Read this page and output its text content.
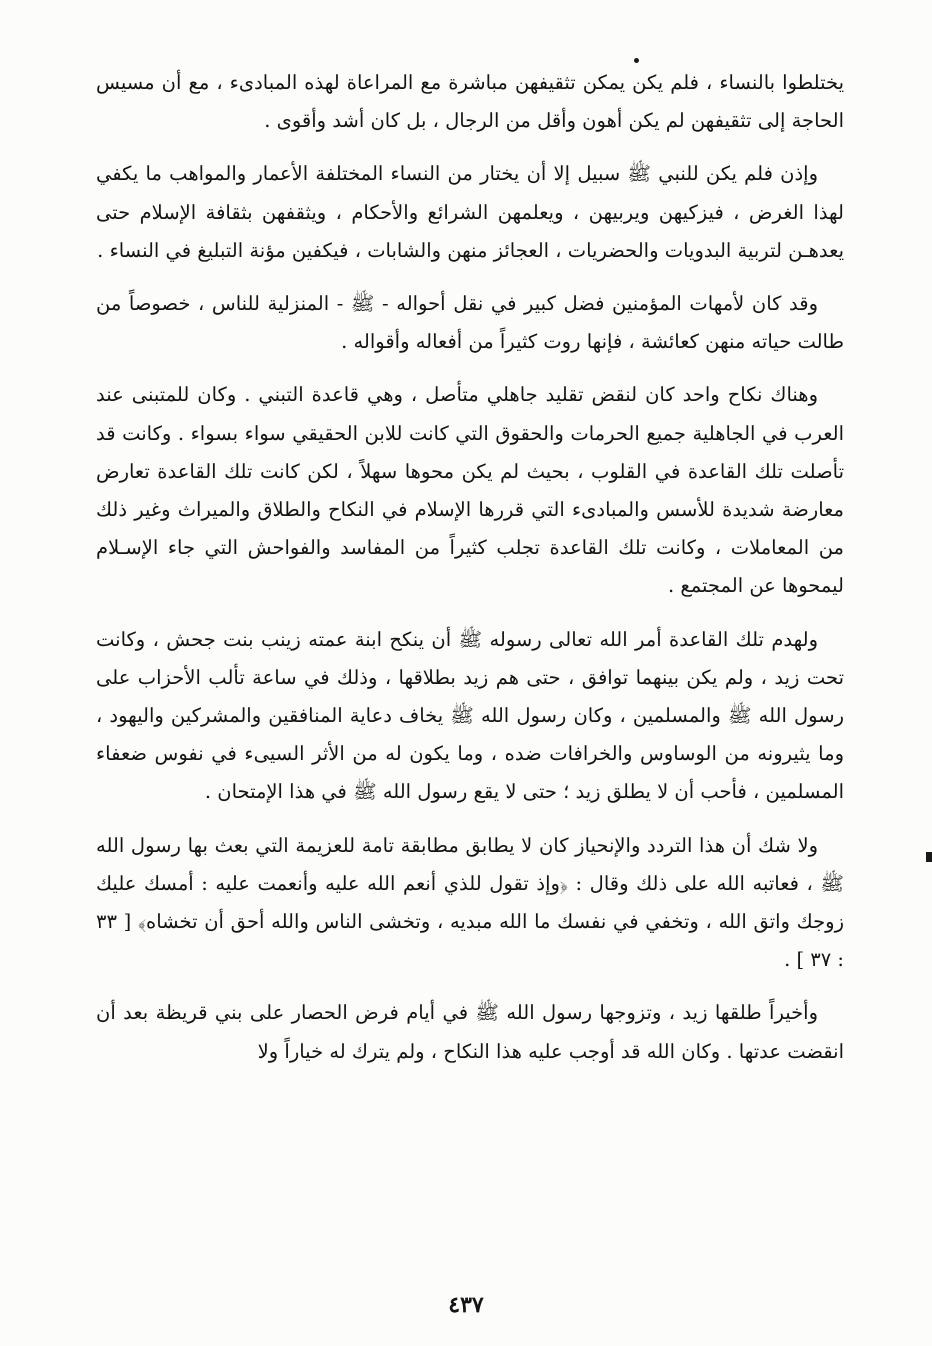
يختلطوا بالنساء ، فلم يكن يمكن تثقيفهن مباشرة مع المراعاة لهذه المبادىء ، مع أن مسيس الحاجة إلى تثقيفهن لم يكن أهون وأقل من الرجال ، بل كان أشد وأقوى .

وإذن فلم يكن للنبي ﷺ سبيل إلا أن يختار من النساء المختلفة الأعمار والمواهب ما يكفي لهذا الغرض ، فيزكيهن ويربيهن ، ويعلمهن الشرائع والأحكام ، ويثقفهن بثقافة الإسلام حتى يعدهـن لتربية البدويات والحضريات ، العجائز منهن والشابات ، فيكفين مؤنة التبليغ في النساء .

وقد كان لأمهات المؤمنين فضل كبير في نقل أحواله - ﷺ - المنزلية للناس ، خصوصاً من طالت حياته منهن كعائشة ، فإنها روت كثيراً من أفعاله وأقواله .

وهناك نكاح واحد كان لنقض تقليد جاهلي متأصل ، وهي قاعدة التبني . وكان للمتبنى عند العرب في الجاهلية جميع الحرمات والحقوق التي كانت للابن الحقيقي سواء بسواء . وكانت قد تأصلت تلك القاعدة في القلوب ، بحيث لم يكن محوها سهلاً ، لكن كانت تلك القاعدة تعارض معارضة شديدة للأسس والمبادىء التي قررها الإسلام في النكاح والطلاق والميراث وغير ذلك من المعاملات ، وكانت تلك القاعدة تجلب كثيراً من المفاسد والفواحش التي جاء الإسـلام ليمحوها عن المجتمع .

ولهدم تلك القاعدة أمر الله تعالى رسوله ﷺ أن ينكح ابنة عمته زينب بنت جحش ، وكانت تحت زيد ، ولم يكن بينهما توافق ، حتى هم زيد بطلاقها ، وذلك في ساعة تألب الأحزاب على رسول الله ﷺ والمسلمين ، وكان رسول الله ﷺ يخاف دعاية المنافقين والمشركين واليهود ، وما يثيرونه من الوساوس والخرافات ضده ، وما يكون له من الأثر السيىء في نفوس ضعفاء المسلمين ، فأحب أن لا يطلق زيد ؛ حتى لا يقع رسول الله ﷺ في هذا الإمتحان .

ولا شك أن هذا التردد والإنحياز كان لا يطابق مطابقة تامة للعزيمة التي بعث بها رسول الله ﷺ ، فعاتبه الله على ذلك وقال : ﴿وإذ تقول للذي أنعم الله عليه وأنعمت عليه : أمسك عليك زوجك واتق الله ، وتخفي في نفسك ما الله مبديه ، وتخشى الناس والله أحق أن تخشاه﴾ [ ٣٣ : ٣٧ ] .

وأخيراً طلقها زيد ، وتزوجها رسول الله ﷺ في أيام فرض الحصار على بني قريظة بعد أن انقضت عدتها . وكان الله قد أوجب عليه هذا النكاح ، ولم يترك له خياراً ولا

٤٣٧
